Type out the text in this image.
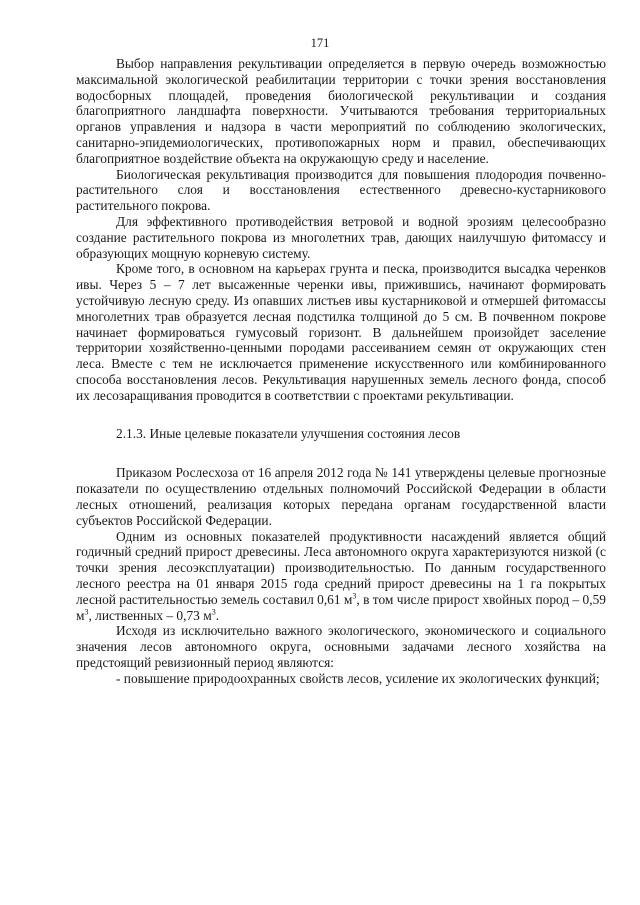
171

Выбор направления рекультивации определяется в первую очередь возможностью максимальной экологической реабилитации территории с точки зрения восстановления водосборных площадей, проведения биологической рекультивации и создания благоприятного ландшафта поверхности. Учитываются требования территориальных органов управления и надзора в части мероприятий по соблюдению экологических, санитарно-эпидемиологических, противопожарных норм и правил, обеспечивающих благоприятное воздействие объекта на окружающую среду и население.

Биологическая рекультивация производится для повышения плодородия почвенно-растительного слоя и восстановления естественного древесно-кустарникового растительного покрова.

Для эффективного противодействия ветровой и водной эрозиям целесообразно создание растительного покрова из многолетних трав, дающих наилучшую фитомассу и образующих мощную корневую систему.

Кроме того, в основном на карьерах грунта и песка, производится высадка черенков ивы. Через 5 – 7 лет высаженные черенки ивы, прижившись, начинают формировать устойчивую лесную среду. Из опавших листьев ивы кустарниковой и отмершей фитомассы многолетних трав образуется лесная подстилка толщиной до 5 см. В почвенном покрове начинает формироваться гумусовый горизонт. В дальнейшем произойдет заселение территории хозяйственно-ценными породами рассеиванием семян от окружающих стен леса. Вместе с тем не исключается применение искусственного или комбинированного способа восстановления лесов. Рекультивация нарушенных земель лесного фонда, способ их лесозаращивания проводится в соответствии с проектами рекультивации.

2.1.3. Иные целевые показатели улучшения состояния лесов

Приказом Рослесхоза от 16 апреля 2012 года № 141 утверждены целевые прогнозные показатели по осуществлению отдельных полномочий Российской Федерации в области лесных отношений, реализация которых передана органам государственной власти субъектов Российской Федерации.

Одним из основных показателей продуктивности насаждений является общий годичный средний прирост древесины. Леса автономного округа характеризуются низкой (с точки зрения лесоэксплуатации) производительностью. По данным государственного лесного реестра на 01 января 2015 года средний прирост древесины на 1 га покрытых лесной растительностью земель составил 0,61 $м^3$, в том числе прирост хвойных пород – 0,59 $м^3$, лиственных – 0,73 $м^3$.

Исходя из исключительно важного экологического, экономического и социального значения лесов автономного округа, основными задачами лесного хозяйства на предстоящий ревизионный период являются:

- повышение природоохранных свойств лесов, усиление их экологических функций;
